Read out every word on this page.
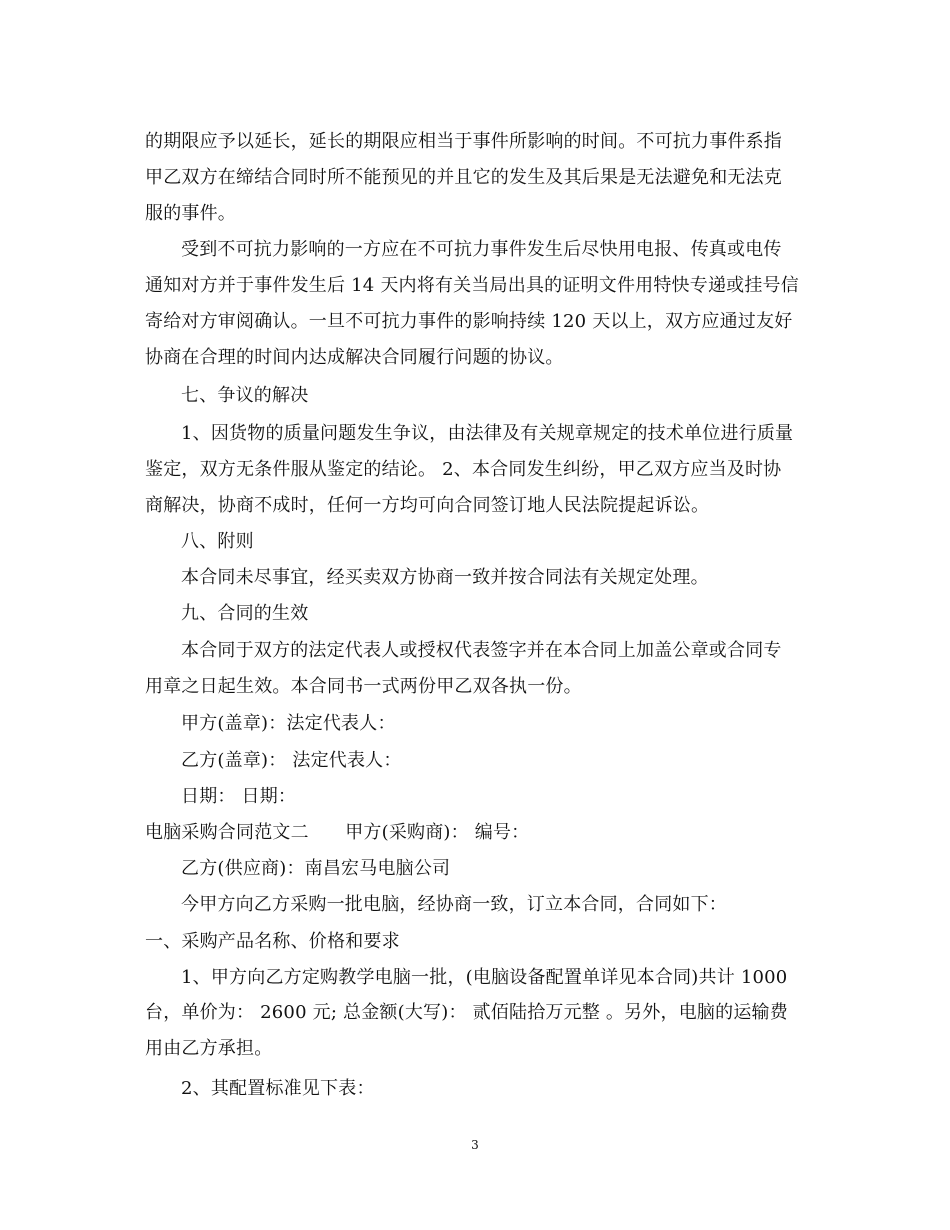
的期限应予以延长，延长的期限应相当于事件所影响的时间。不可抗力事件系指
甲乙双方在缔结合同时所不能预见的并且它的发生及其后果是无法避免和无法克
服的事件。
受到不可抗力影响的一方应在不可抗力事件发生后尽快用电报、传真或电传
通知对方并于事件发生后 14 天内将有关当局出具的证明文件用特快专递或挂号信
寄给对方审阅确认。一旦不可抗力事件的影响持续 120 天以上，双方应通过友好
协商在合理的时间内达成解决合同履行问题的协议。
七、争议的解决
1、因货物的质量问题发生争议，由法律及有关规章规定的技术单位进行质量
鉴定，双方无条件服从鉴定的结论。 2、本合同发生纠纷，甲乙双方应当及时协
商解决，协商不成时，任何一方均可向合同签订地人民法院提起诉讼。
八、附则
本合同未尽事宜，经买卖双方协商一致并按合同法有关规定处理。
九、合同的生效
本合同于双方的法定代表人或授权代表签字并在本合同上加盖公章或合同专
用章之日起生效。本合同书一式两份甲乙双各执一份。
甲方(盖章)：法定代表人：
乙方(盖章)： 法定代表人：
日期： 日期：
电脑采购合同范文二　　甲方(采购商)： 编号：
乙方(供应商)：南昌宏马电脑公司
今甲方向乙方采购一批电脑，经协商一致，订立本合同，合同如下：
一、采购产品名称、价格和要求
1、甲方向乙方定购教学电脑一批，(电脑设备配置单详见本合同)共计 1000
台，单价为： 2600 元; 总金额(大写)： 贰佰陆拾万元整 。另外，电脑的运输费
用由乙方承担。
2、其配置标准见下表：
3
